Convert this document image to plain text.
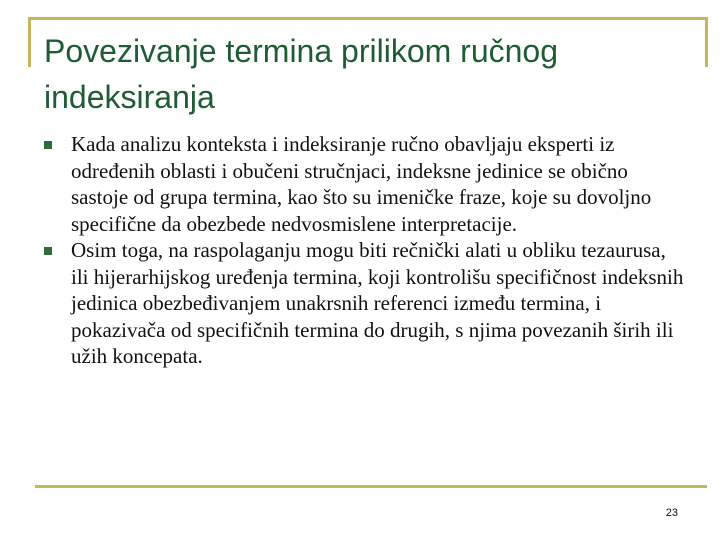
Povezivanje termina prilikom ručnog indeksiranja
Kada analizu konteksta i indeksiranje ručno obavljaju eksperti iz određenih oblasti i obučeni stručnjaci, indeksne jedinice se obično sastoje od grupa termina, kao što su imeničke fraze, koje su dovoljno specifične da obezbede nedvosmislene interpretacije.
Osim toga, na raspolaganju mogu biti rečnički alati u obliku tezaurusa, ili hijerarhijskog uređenja termina, koji kontrolišu specifičnost indeksnih jedinica obezbeđivanjem unakrsnih referenci između termina, i pokazivača od specifičnih termina do drugih, s njima povezanih širih ili užih koncepata.
23
